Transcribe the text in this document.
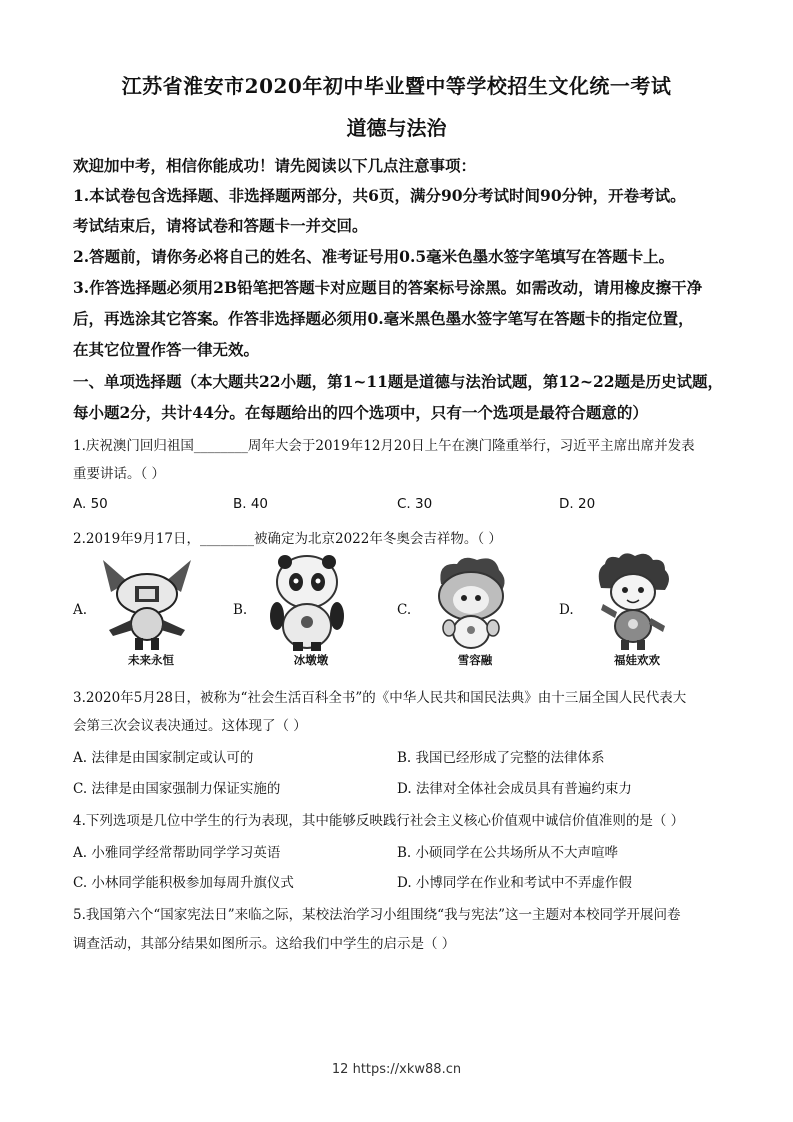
江苏省淮安市2020年初中毕业暨中等学校招生文化统一考试
道德与法治
欢迎加中考，相信你能成功！请先阅读以下几点注意事项：
1.本试卷包含选择题、非选择题两部分，共6页，满分90分考试时间90分钟，开卷考试。
考试结束后，请将试卷和答题卡一并交回。
2.答题前，请你务必将自己的姓名、准考证号用0.5毫米色墨水签字笔填写在答题卡上。
3.作答选择题必须用2B铅笔把答题卡对应题目的答案标号涂黑。如需改动，请用橡皮擦干净
后，再选涂其它答案。作答非选择题必须用0.毫米黑色墨水签字笔写在答题卡的指定位置，
在其它位置作答一律无效。
一、单项选择题（本大题共22小题，第1~11题是道德与法治试题，第12~22题是历史试题，
每小题2分，共计44分。在每题给出的四个选项中，只有一个选项是最符合题意的）
1.庆祝澳门回归祖国________周年大会于2019年12月20日上午在澳门隆重举行，习近平主席出席并发表
重要讲话。（ ）
A. 50	B. 40	C. 30	D. 20
2.2019年9月17日，________被确定为北京2022年冬奥会吉祥物。（ ）
A.
未来永恒
B.
冰墩墩
C.
雪容融
D.
福娃欢欢
3.2020年5月28日，被称为“社会生活百科全书”的《中华人民共和国民法典》由十三届全国人民代表大
会第三次会议表决通过。这体现了（ ）
A. 法律是由国家制定或认可的	B. 我国已经形成了完整的法律体系
C. 法律是由国家强制力保证实施的	D. 法律对全体社会成员具有普遍约束力
4.下列选项是几位中学生的行为表现，其中能够反映践行社会主义核心价值观中诚信价值准则的是（ ）
A. 小雅同学经常帮助同学学习英语	B. 小硕同学在公共场所从不大声喧哗
C. 小林同学能积极参加每周升旗仪式	D. 小博同学在作业和考试中不弄虚作假
5.我国第六个“国家宪法日”来临之际，某校法治学习小组围绕“我与宪法”这一主题对本校同学开展问卷
调查活动，其部分结果如图所示。这给我们中学生的启示是（ ）
12 https://xkw88.cn
